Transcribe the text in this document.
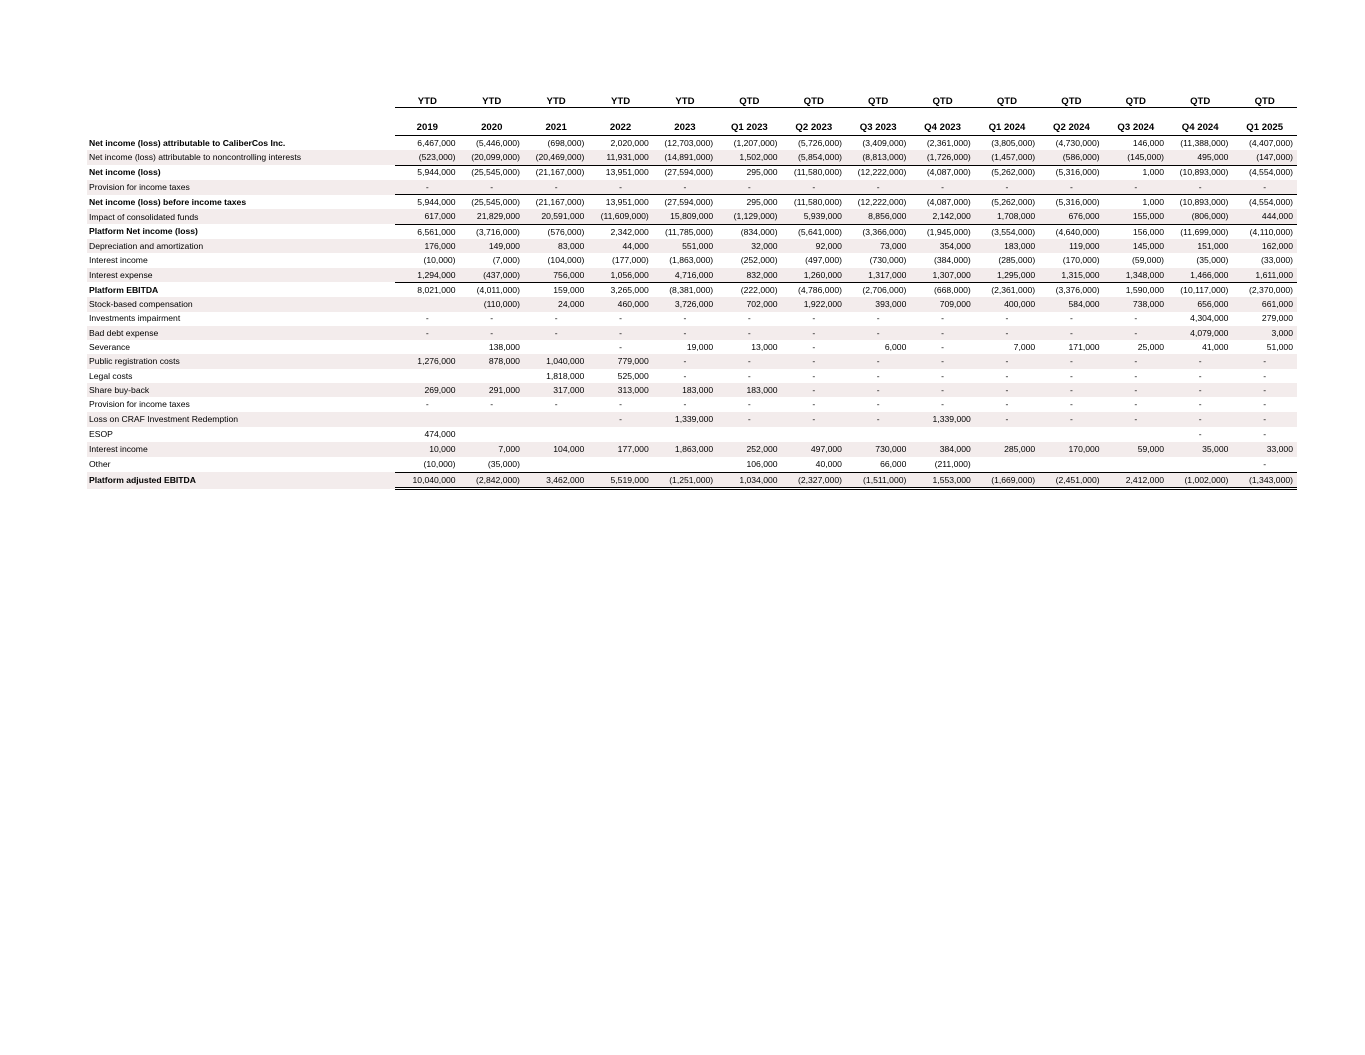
	YTD	YTD	YTD	YTD	YTD	QTD	QTD	QTD	QTD	QTD	QTD	QTD	QTD	QTD
	2019	2020	2021	2022	2023	Q1 2023	Q2 2023	Q3 2023	Q4 2023	Q1 2024	Q2 2024	Q3 2024	Q4 2024	Q1 2025
Net income (loss) attributable to CaliberCos Inc.	6,467,000	(5,446,000)	(698,000)	2,020,000	(12,703,000)	(1,207,000)	(5,726,000)	(3,409,000)	(2,361,000)	(3,805,000)	(4,730,000)	146,000	(11,388,000)	(4,407,000)
Net income (loss) attributable to noncontrolling interests	(523,000)	(20,099,000)	(20,469,000)	11,931,000	(14,891,000)	1,502,000	(5,854,000)	(8,813,000)	(1,726,000)	(1,457,000)	(586,000)	(145,000)	495,000	(147,000)
Net income (loss)	5,944,000	(25,545,000)	(21,167,000)	13,951,000	(27,594,000)	295,000	(11,580,000)	(12,222,000)	(4,087,000)	(5,262,000)	(5,316,000)	1,000	(10,893,000)	(4,554,000)
Provision for income taxes	-	-	-	-	-	-	-	-	-	-	-	-	-	-
Net income (loss) before income taxes	5,944,000	(25,545,000)	(21,167,000)	13,951,000	(27,594,000)	295,000	(11,580,000)	(12,222,000)	(4,087,000)	(5,262,000)	(5,316,000)	1,000	(10,893,000)	(4,554,000)
Impact of consolidated funds	617,000	21,829,000	20,591,000	(11,609,000)	15,809,000	(1,129,000)	5,939,000	8,856,000	2,142,000	1,708,000	676,000	155,000	(806,000)	444,000
Platform Net income (loss)	6,561,000	(3,716,000)	(576,000)	2,342,000	(11,785,000)	(834,000)	(5,641,000)	(3,366,000)	(1,945,000)	(3,554,000)	(4,640,000)	156,000	(11,699,000)	(4,110,000)
Depreciation and amortization	176,000	149,000	83,000	44,000	551,000	32,000	92,000	73,000	354,000	183,000	119,000	145,000	151,000	162,000
Interest income	(10,000)	(7,000)	(104,000)	(177,000)	(1,863,000)	(252,000)	(497,000)	(730,000)	(384,000)	(285,000)	(170,000)	(59,000)	(35,000)	(33,000)
Interest expense	1,294,000	(437,000)	756,000	1,056,000	4,716,000	832,000	1,260,000	1,317,000	1,307,000	1,295,000	1,315,000	1,348,000	1,466,000	1,611,000
Platform EBITDA	8,021,000	(4,011,000)	159,000	3,265,000	(8,381,000)	(222,000)	(4,786,000)	(2,706,000)	(668,000)	(2,361,000)	(3,376,000)	1,590,000	(10,117,000)	(2,370,000)
Stock-based compensation		(110,000)	24,000	460,000	3,726,000	702,000	1,922,000	393,000	709,000	400,000	584,000	738,000	656,000	661,000
Investments impairment	-	-	-	-	-	-	-	-	-	-	-	-	4,304,000	279,000
Bad debt expense	-	-	-	-	-	-	-	-	-	-	-	-	4,079,000	3,000
Severance		138,000		-	19,000	13,000	-	6,000	-	7,000	171,000	25,000	41,000	51,000
Public registration costs	1,276,000	878,000	1,040,000	779,000	-	-	-	-	-	-	-	-	-	-
Legal costs			1,818,000	525,000	-	-	-	-	-	-	-	-	-	-
Share buy-back	269,000	291,000	317,000	313,000	183,000	183,000	-	-	-	-	-	-	-	-
Provision for income taxes	-	-	-	-	-	-	-	-	-	-	-	-	-	-
Loss on CRAF Investment Redemption				-	1,339,000	-	-	-	1,339,000	-	-	-	-	-
ESOP	474,000												-	-
Interest income	10,000	7,000	104,000	177,000	1,863,000	252,000	497,000	730,000	384,000	285,000	170,000	59,000	35,000	33,000
Other	(10,000)	(35,000)				106,000	40,000	66,000	(211,000)					-
Platform adjusted EBITDA	10,040,000	(2,842,000)	3,462,000	5,519,000	(1,251,000)	1,034,000	(2,327,000)	(1,511,000)	1,553,000	(1,669,000)	(2,451,000)	2,412,000	(1,002,000)	(1,343,000)
